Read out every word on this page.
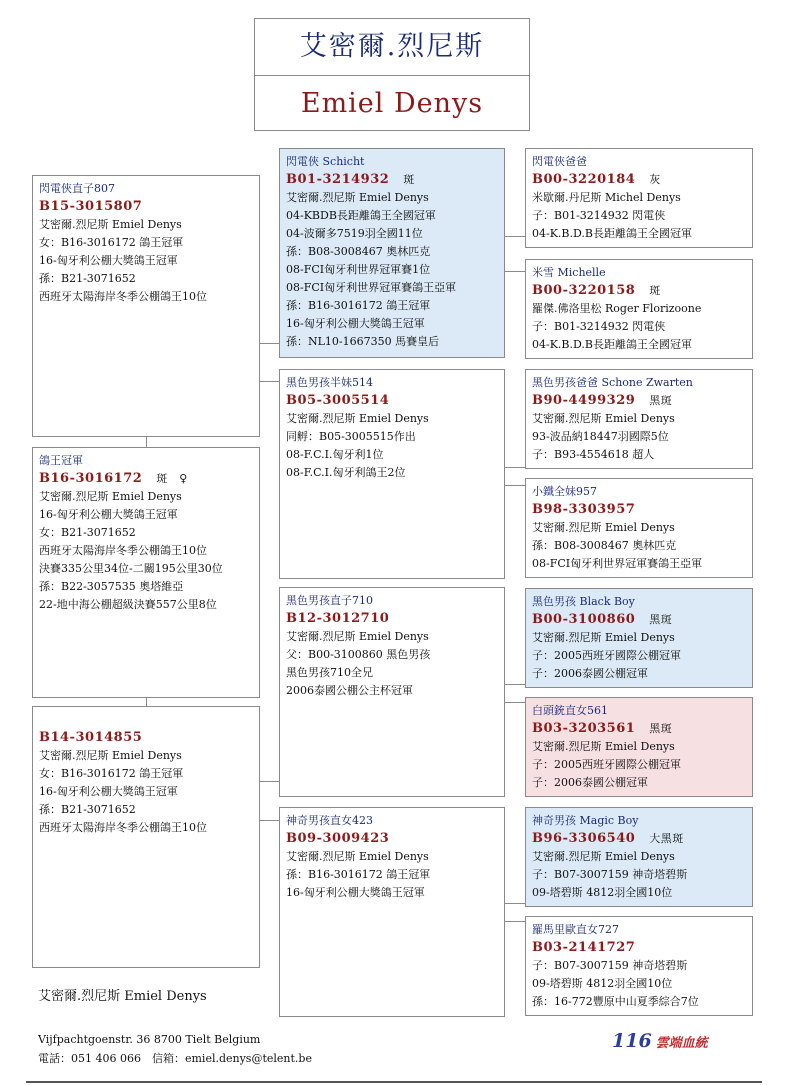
艾密爾.烈尼斯
Emiel Denys
閃電俠直子807
B15-3015807
艾密爾.烈尼斯 Emiel Denys
女：B16-3016172 鴿王冠軍
16-匈牙利公棚大獎鴿王冠軍
孫：B21-3071652
西班牙太陽海岸冬季公棚鴿王10位
鴿王冠軍
B16-3016172 斑　♀
艾密爾.烈尼斯 Emiel Denys
16-匈牙利公棚大獎鴿王冠軍
女：B21-3071652
西班牙太陽海岸冬季公棚鴿王10位
決賽335公里34位-二關195公里30位
孫：B22-3057535 奧塔維亞
22-地中海公棚超級決賽557公里8位
B14-3014855
艾密爾.烈尼斯 Emiel Denys
女：B16-3016172 鴿王冠軍
16-匈牙利公棚大獎鴿王冠軍
孫：B21-3071652
西班牙太陽海岸冬季公棚鴿王10位
閃電俠 Schicht
B01-3214932 斑
艾密爾.烈尼斯 Emiel Denys
04-KBDB長距離鴿王全國冠軍
04-波爾多7519羽全國11位
孫：B08-3008467 奧林匹克
08-FCI匈牙利世界冠軍賽1位
08-FCI匈牙利世界冠軍賽鴿王亞軍
孫：B16-3016172 鴿王冠軍
16-匈牙利公棚大獎鴿王冠軍
孫：NL10-1667350 馬賽皇后
黑色男孩半妹514
B05-3005514
艾密爾.烈尼斯 Emiel Denys
同孵：B05-3005515作出
08-F.C.I.匈牙利1位
08-F.C.I.匈牙利鴿王2位
黑色男孩直子710
B12-3012710
艾密爾.烈尼斯 Emiel Denys
父：B00-3100860 黑色男孩
黑色男孩710全兄
2006泰國公棚公主杯冠軍
神奇男孩直女423
B09-3009423
艾密爾.烈尼斯 Emiel Denys
孫：B16-3016172 鴿王冠軍
16-匈牙利公棚大獎鴿王冠軍
閃電俠爸爸
B00-3220184 灰
米歇爾.丹尼斯 Michel Denys
子：B01-3214932 閃電俠
04-K.B.D.B長距離鴿王全國冠軍
米雪 Michelle
B00-3220158 斑
羅傑.佛洛里松 Roger Florizoone
子：B01-3214932 閃電俠
04-K.B.D.B長距離鴿王全國冠軍
黑色男孩爸爸 Schone Zwarten
B90-4499329 黑斑
艾密爾.烈尼斯 Emiel Denys
93-波品納18447羽國際5位
子：B93-4554618 超人
小鐵全妹957
B98-3303957
艾密爾.烈尼斯 Emiel Denys
孫：B08-3008467 奧林匹克
08-FCI匈牙利世界冠軍賽鴿王亞軍
黑色男孩 Black Boy
B00-3100860 黑斑
艾密爾.烈尼斯 Emiel Denys
子：2005西班牙國際公棚冠軍
子：2006泰國公棚冠軍
白頭銃直女561
B03-3203561 黑斑
艾密爾.烈尼斯 Emiel Denys
子：2005西班牙國際公棚冠軍
子：2006泰國公棚冠軍
神奇男孩 Magic Boy
B96-3306540 大黑斑
艾密爾.烈尼斯 Emiel Denys
子：B07-3007159 神奇塔碧斯
09-塔碧斯 4812羽全國10位
羅馬里歐直女727
B03-2141727
子：B07-3007159 神奇塔碧斯
09-塔碧斯 4812羽全國10位
孫：16-772豐原中山夏季綜合7位
艾密爾.烈尼斯 Emiel Denys
Vijfpachtgoenstr. 36 8700 Tielt Belgium
電話：051 406 066　信箱：emiel.denys@telent.be
116 雲端血統
